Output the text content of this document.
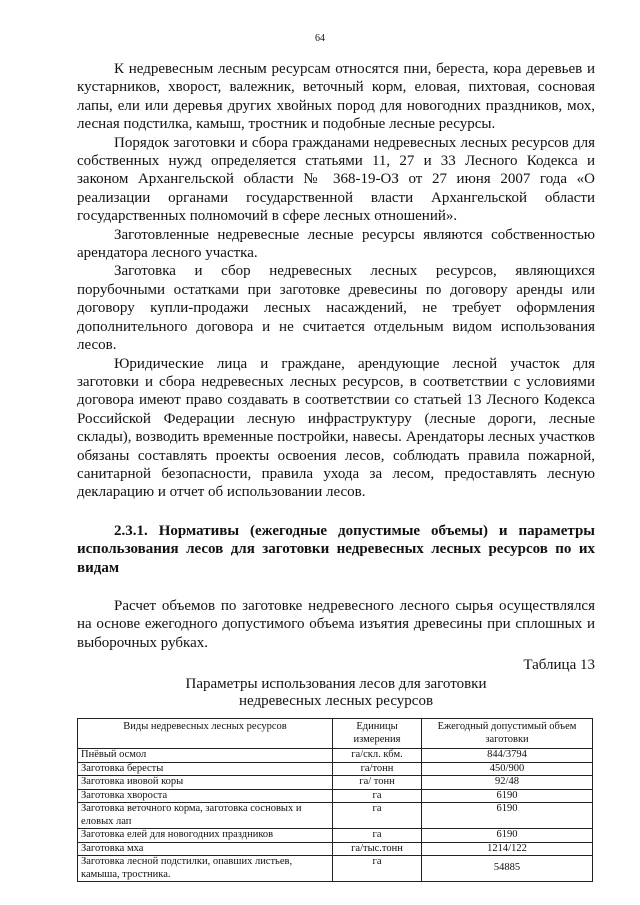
64

К недревесным лесным ресурсам относятся пни, береста, кора деревьев и кустарников, хворост, валежник, веточный корм, еловая, пихтовая, сосновая лапы, ели или деревья других хвойных пород для новогодних праздников, мох, лесная подстилка, камыш, тростник и подобные лесные ресурсы.

Порядок заготовки и сбора гражданами недревесных лесных ресурсов для собственных нужд определяется статьями 11, 27 и 33 Лесного Кодекса и законом Архангельской области № 368-19-ОЗ от 27 июня 2007 года «О реализации органами государственной власти Архангельской области государственных полномочий в сфере лесных отношений».

Заготовленные недревесные лесные ресурсы являются собственностью арендатора лесного участка.

Заготовка и сбор недревесных лесных ресурсов, являющихся порубочными остатками при заготовке древесины по договору аренды или договору купли-продажи лесных насаждений, не требует оформления дополнительного договора и не считается отдельным видом использования лесов.

Юридические лица и граждане, арендующие лесной участок для заготовки и сбора недревесных лесных ресурсов, в соответствии с условиями договора имеют право создавать в соответствии со статьей 13 Лесного Кодекса Российской Федерации лесную инфраструктуру (лесные дороги, лесные склады), возводить временные постройки, навесы. Арендаторы лесных участков обязаны составлять проекты освоения лесов, соблюдать правила пожарной, санитарной безопасности, правила ухода за лесом, предоставлять лесную декларацию и отчет об использовании лесов.

2.3.1. Нормативы (ежегодные допустимые объемы) и параметры использования лесов для заготовки недревесных лесных ресурсов по их видам

Расчет объемов по заготовке недревесного лесного сырья осуществлялся на основе ежегодного допустимого объема изъятия древесины при сплошных и выборочных рубках.

Таблица 13
Параметры использования лесов для заготовки
недревесных лесных ресурсов
Виды недревесных лесных ресурсов	Единицы измерения	Ежегодный допустимый объем заготовки
Пнёвый осмол	га/скл. кбм.	844/3794
Заготовка бересты	га/тонн	450/900
Заготовка ивовой коры	га/ тонн	92/48
Заготовка хвороста	га	6190
Заготовка веточного корма, заготовка сосновых и еловых лап	га	6190
Заготовка елей для новогодних праздников	га	6190
Заготовка мха	га/тыс.тонн	1214/122
Заготовка лесной подстилки, опавших листьев, камыша, тростника.	га	54885
